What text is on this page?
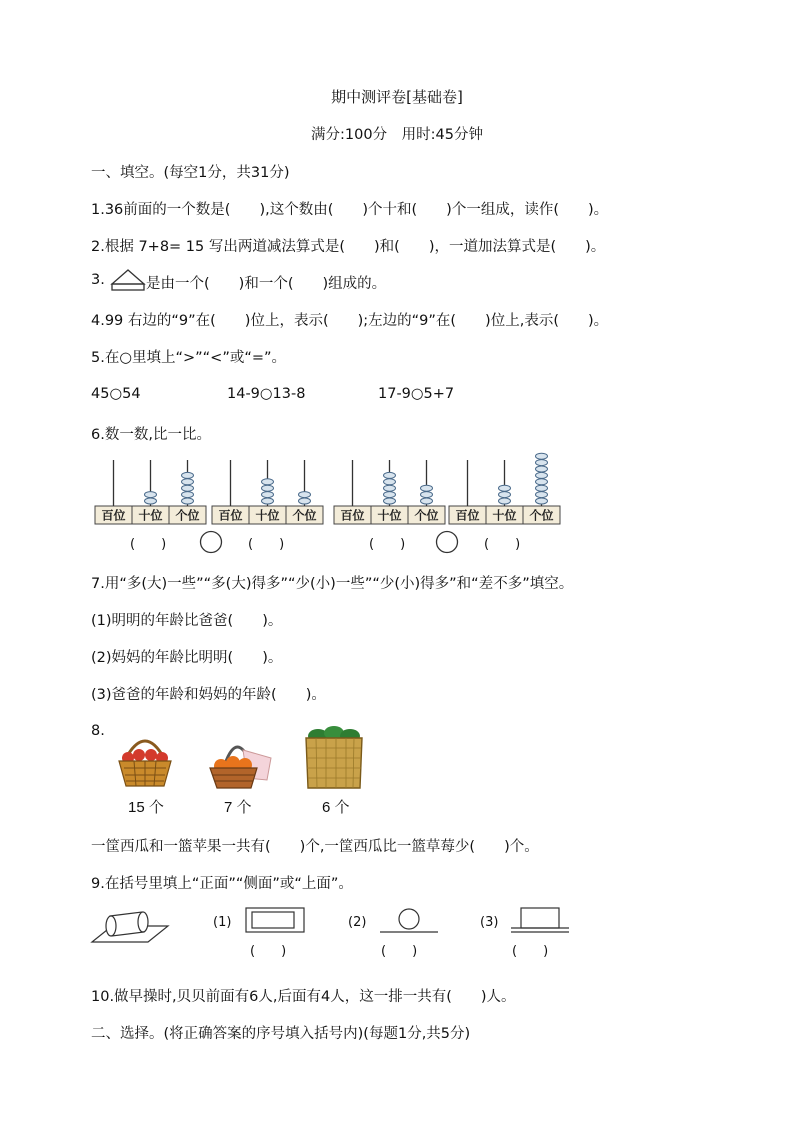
期中测评卷[基础卷]
满分:100分　用时:45分钟
一、填空。(每空1分，共31分)
1.36前面的一个数是(　　),这个数由(　　)个十和(　　)个一组成，读作(　　)。
2.根据 7+8= 15 写出两道减法算式是(　　)和(　　)，一道加法算式是(　　)。
3.	是由一个(　　)和一个(　　)组成的。
4.99 右边的“9”在(　　)位上，表示(　　);左边的“9”在(　　)位上,表示(　　)。
5.在○里填上“>”“<”或“=”。
45○54	14-9○13-8	17-9○5+7
6.数一数,比一比。
百位 十位 个位 百位 十位 个位 百位 十位 个位 百位 十位 个位
(　　)	(　　)	(　　)	(　　)
7.用“多(大)一些”“多(大)得多”“少(小)一些”“少(小)得多”和“差不多”填空。
(1)明明的年龄比爸爸(　　)。
(2)妈妈的年龄比明明(　　)。
(3)爸爸的年龄和妈妈的年龄(　　)。
8.
15 个	7 个	6 个
一筐西瓜和一篮苹果一共有(　　)个,一筐西瓜比一篮草莓少(　　)个。
9.在括号里填上“正面”“侧面”或“上面”。
(1)
(　　)
(2)
(　　)
(3)
(　　)
10.做早操时,贝贝前面有6人,后面有4人，这一排一共有(　　)人。
二、选择。(将正确答案的序号填入括号内)(每题1分,共5分)
